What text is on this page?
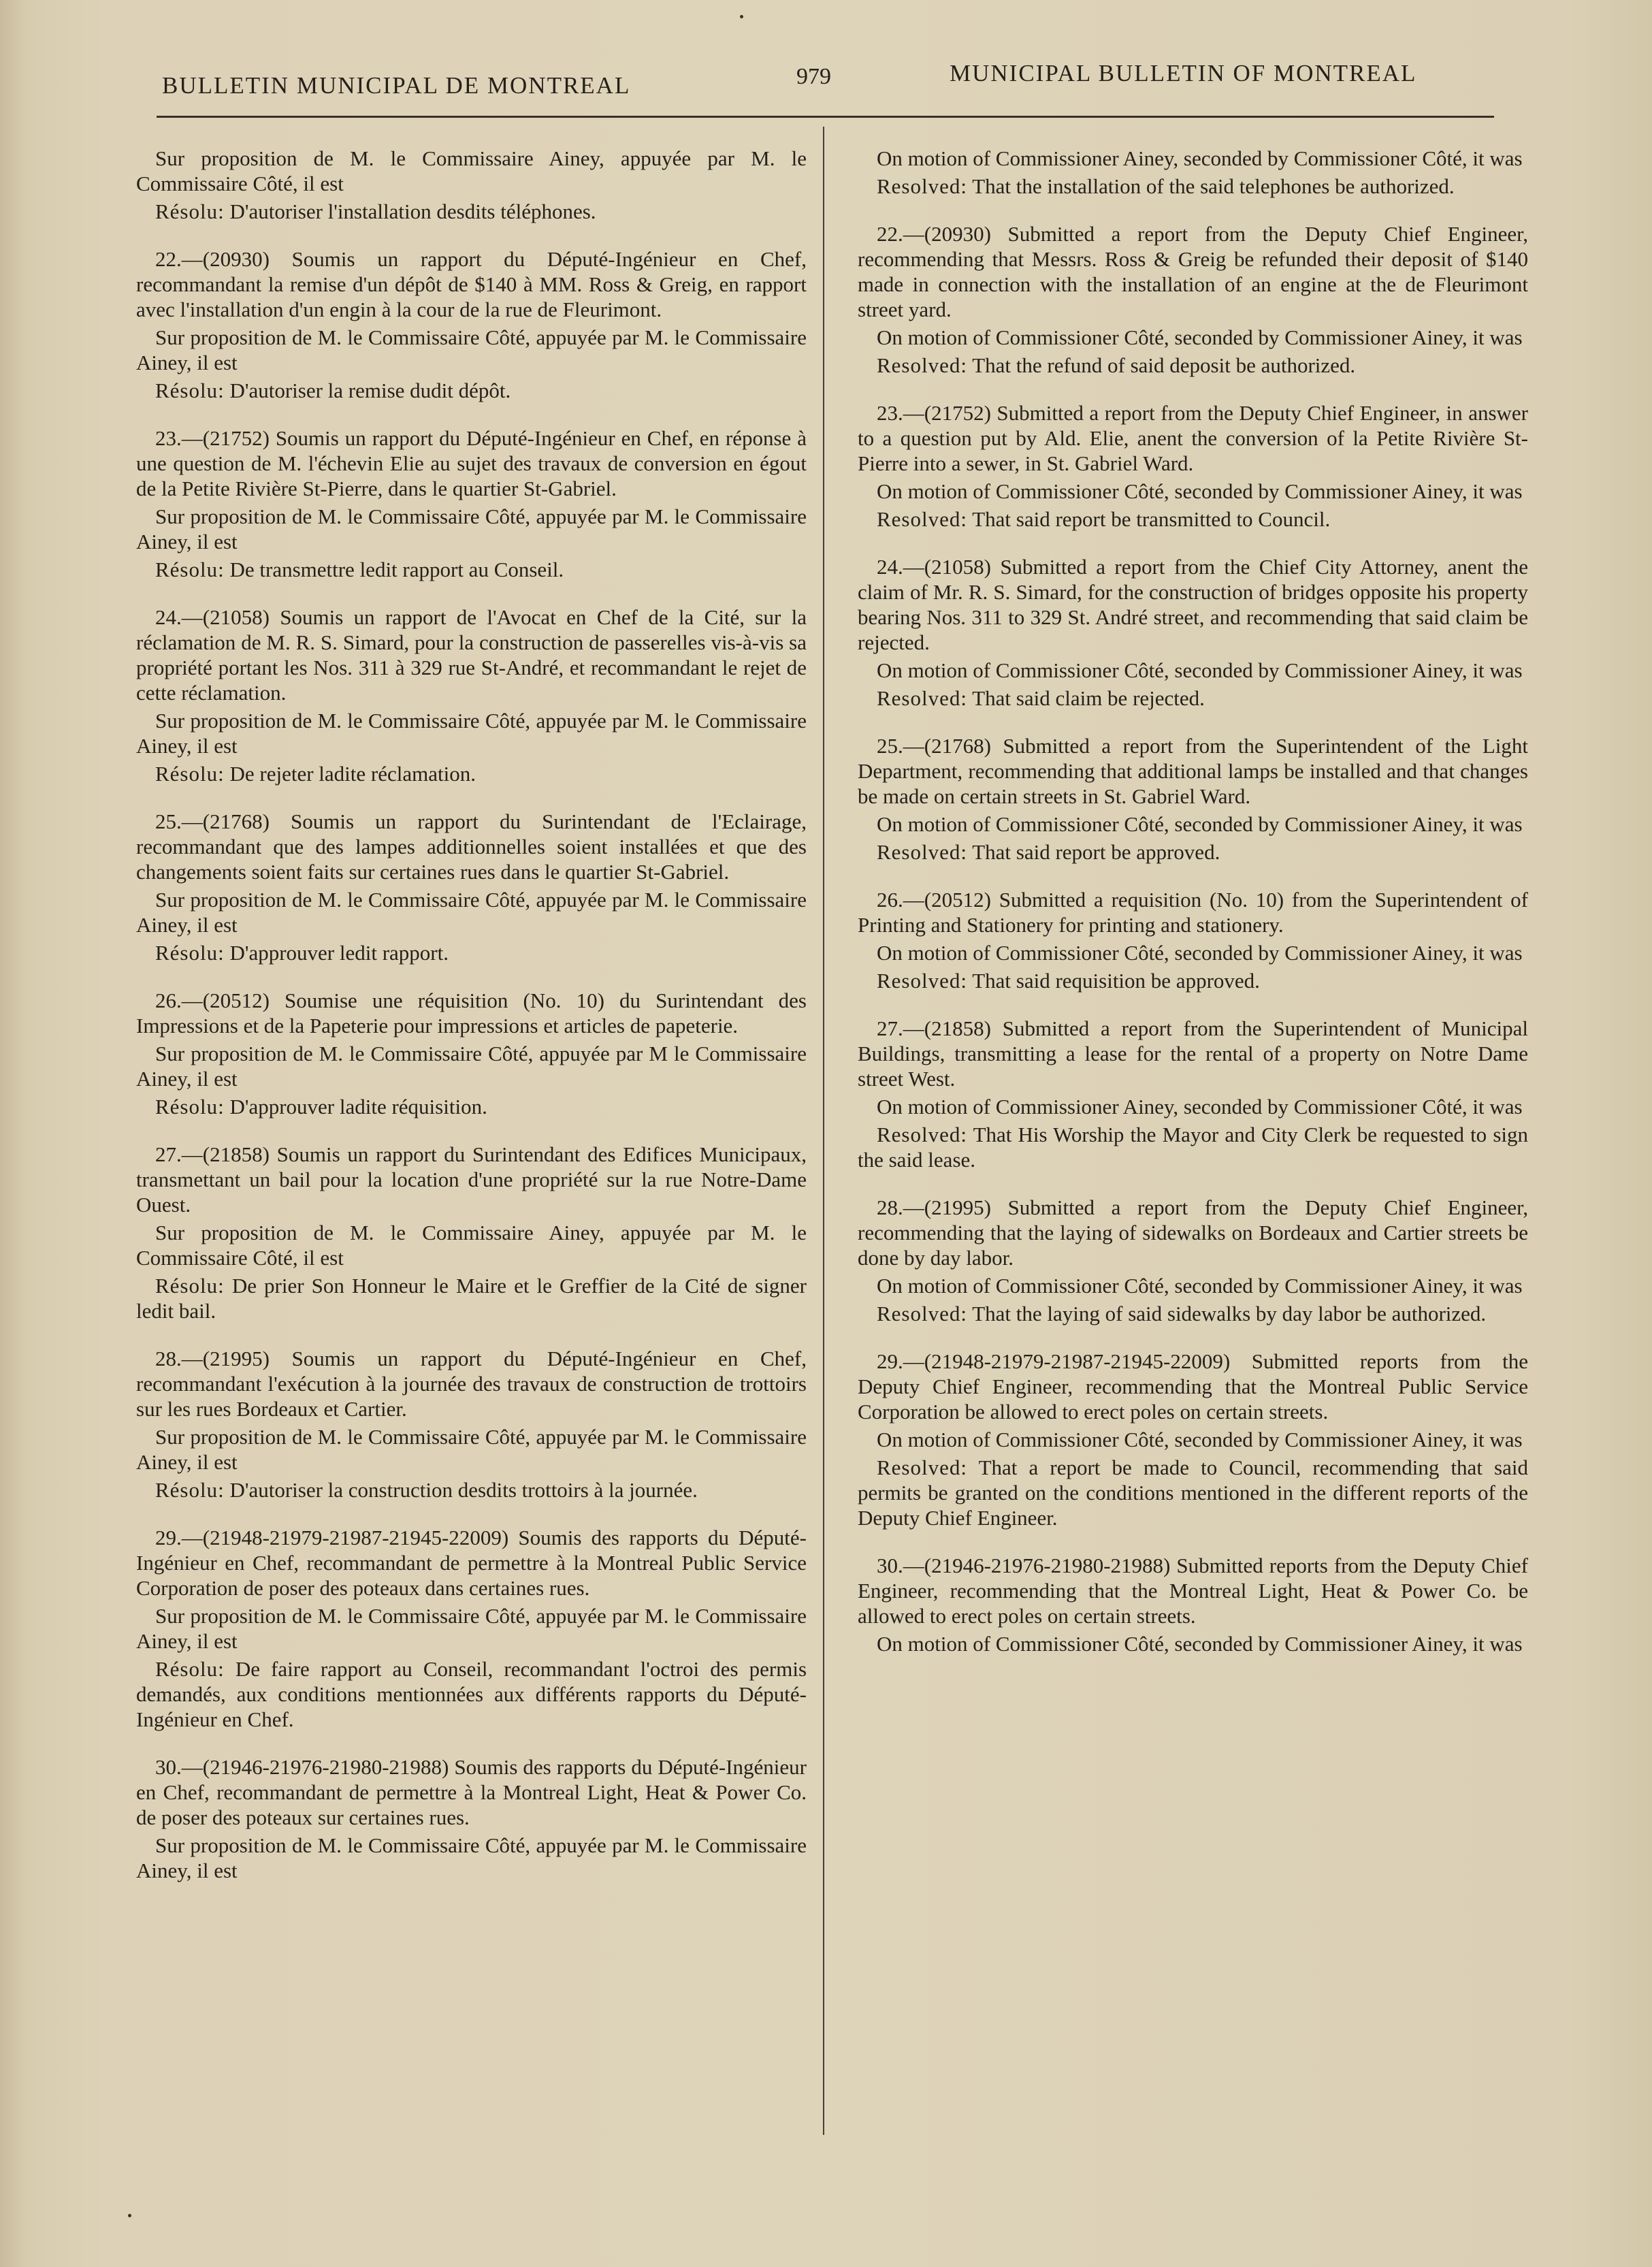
BULLETIN MUNICIPAL DE MONTREAL	979	MUNICIPAL BULLETIN OF MONTREAL

Sur proposition de M. le Commissaire Ainey, appuyée par M. le Commissaire Côté, il est

Résolu: D'autoriser l'installation desdits téléphones.

22.—(20930) Soumis un rapport du Député-Ingénieur en Chef, recommandant la remise d'un dépôt de $140 à MM. Ross & Greig, en rapport avec l'installation d'un engin à la cour de la rue de Fleurimont.

Sur proposition de M. le Commissaire Côté, appuyée par M. le Commissaire Ainey, il est

Résolu: D'autoriser la remise dudit dépôt.

23.—(21752) Soumis un rapport du Député-Ingénieur en Chef, en réponse à une question de M. l'échevin Elie au sujet des travaux de conversion en égout de la Petite Rivière St-Pierre, dans le quartier St-Gabriel.

Sur proposition de M. le Commissaire Côté, appuyée par M. le Commissaire Ainey, il est

Résolu: De transmettre ledit rapport au Conseil.

24.—(21058) Soumis un rapport de l'Avocat en Chef de la Cité, sur la réclamation de M. R. S. Simard, pour la construction de passerelles vis-à-vis sa propriété portant les Nos. 311 à 329 rue St-André, et recommandant le rejet de cette réclamation.

Sur proposition de M. le Commissaire Côté, appuyée par M. le Commissaire Ainey, il est

Résolu: De rejeter ladite réclamation.

25.—(21768) Soumis un rapport du Surintendant de l'Eclairage, recommandant que des lampes additionnelles soient installées et que des changements soient faits sur certaines rues dans le quartier St-Gabriel.

Sur proposition de M. le Commissaire Côté, appuyée par M. le Commissaire Ainey, il est

Résolu: D'approuver ledit rapport.

26.—(20512) Soumise une réquisition (No. 10) du Surintendant des Impressions et de la Papeterie pour impressions et articles de papeterie.

Sur proposition de M. le Commissaire Côté, appuyée par M le Commissaire Ainey, il est

Résolu: D'approuver ladite réquisition.

27.—(21858) Soumis un rapport du Surintendant des Edifices Municipaux, transmettant un bail pour la location d'une propriété sur la rue Notre-Dame Ouest.

Sur proposition de M. le Commissaire Ainey, appuyée par M. le Commissaire Côté, il est

Résolu: De prier Son Honneur le Maire et le Greffier de la Cité de signer ledit bail.

28.—(21995) Soumis un rapport du Député-Ingénieur en Chef, recommandant l'exécution à la journée des travaux de construction de trottoirs sur les rues Bordeaux et Cartier.

Sur proposition de M. le Commissaire Côté, appuyée par M. le Commissaire Ainey, il est

Résolu: D'autoriser la construction desdits trottoirs à la journée.

29.—(21948-21979-21987-21945-22009) Soumis des rapports du Député-Ingénieur en Chef, recommandant de permettre à la Montreal Public Service Corporation de poser des poteaux dans certaines rues.

Sur proposition de M. le Commissaire Côté, appuyée par M. le Commissaire Ainey, il est

Résolu: De faire rapport au Conseil, recommandant l'octroi des permis demandés, aux conditions mentionnées aux différents rapports du Député-Ingénieur en Chef.

30.—(21946-21976-21980-21988) Soumis des rapports du Député-Ingénieur en Chef, recommandant de permettre à la Montreal Light, Heat & Power Co. de poser des poteaux sur certaines rues.

Sur proposition de M. le Commissaire Côté, appuyée par M. le Commissaire Ainey, il est

On motion of Commissioner Ainey, seconded by Commissioner Côté, it was

Resolved: That the installation of the said telephones be authorized.

22.—(20930) Submitted a report from the Deputy Chief Engineer, recommending that Messrs. Ross & Greig be refunded their deposit of $140 made in connection with the installation of an engine at the de Fleurimont street yard.

On motion of Commissioner Côté, seconded by Commissioner Ainey, it was

Resolved: That the refund of said deposit be authorized.

23.—(21752) Submitted a report from the Deputy Chief Engineer, in answer to a question put by Ald. Elie, anent the conversion of la Petite Rivière St-Pierre into a sewer, in St. Gabriel Ward.

On motion of Commissioner Côté, seconded by Commissioner Ainey, it was

Resolved: That said report be transmitted to Council.

24.—(21058) Submitted a report from the Chief City Attorney, anent the claim of Mr. R. S. Simard, for the construction of bridges opposite his property bearing Nos. 311 to 329 St. André street, and recommending that said claim be rejected.

On motion of Commissioner Côté, seconded by Commissioner Ainey, it was

Resolved: That said claim be rejected.

25.—(21768) Submitted a report from the Superintendent of the Light Department, recommending that additional lamps be installed and that changes be made on certain streets in St. Gabriel Ward.

On motion of Commissioner Côté, seconded by Commissioner Ainey, it was

Resolved: That said report be approved.

26.—(20512) Submitted a requisition (No. 10) from the Superintendent of Printing and Stationery for printing and stationery.

On motion of Commissioner Côté, seconded by Commissioner Ainey, it was

Resolved: That said requisition be approved.

27.—(21858) Submitted a report from the Superintendent of Municipal Buildings, transmitting a lease for the rental of a property on Notre Dame street West.

On motion of Commissioner Ainey, seconded by Commissioner Côté, it was

Resolved: That His Worship the Mayor and City Clerk be requested to sign the said lease.

28.—(21995) Submitted a report from the Deputy Chief Engineer, recommending that the laying of sidewalks on Bordeaux and Cartier streets be done by day labor.

On motion of Commissioner Côté, seconded by Commissioner Ainey, it was

Resolved: That the laying of said sidewalks by day labor be authorized.

29.—(21948-21979-21987-21945-22009) Submitted reports from the Deputy Chief Engineer, recommending that the Montreal Public Service Corporation be allowed to erect poles on certain streets.

On motion of Commissioner Côté, seconded by Commissioner Ainey, it was

Resolved: That a report be made to Council, recommending that said permits be granted on the conditions mentioned in the different reports of the Deputy Chief Engineer.

30.—(21946-21976-21980-21988) Submitted reports from the Deputy Chief Engineer, recommending that the Montreal Light, Heat & Power Co. be allowed to erect poles on certain streets.

On motion of Commissioner Côté, seconded by Commissioner Ainey, it was
